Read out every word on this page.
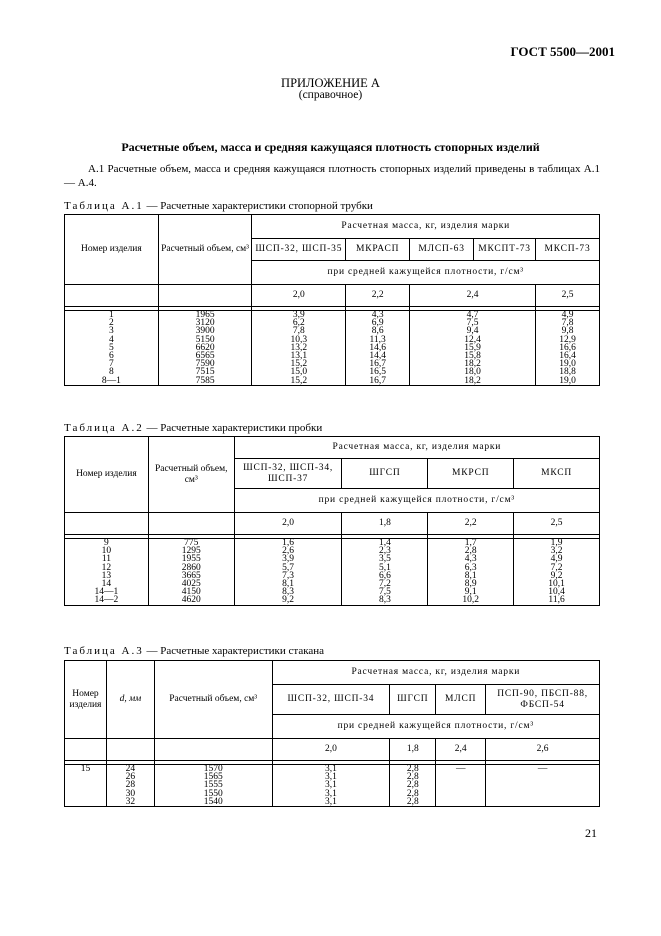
ГОСТ 5500—2001
ПРИЛОЖЕНИЕ А
(справочное)
Расчетные объем, масса и средняя кажущаяся плотность стопорных изделий
А.1 Расчетные объем, масса и средняя кажущаяся плотность стопорных изделий приведены в таблицах А.1 — А.4.
Таблица А.1 — Расчетные характеристики стопорной трубки
Номер изделия	Расчетный объем, см³	Расчетная масса, кг, изделия марки				
		ШСП-32, ШСП-35	МКРАСП	МЛСП-63	МКСПТ-73	МКСП-73
		при средней кажущейся плотности, г/см³				
		2,0	2,2	2,4		2,5

1	1965	3,9	4,3	4,7		4,9
2	3120	6,2	6,9	7,5		7,8
3	3900	7,8	8,6	9,4		9,8
4	5150	10,3	11,3	12,4		12,9
5	6620	13,2	14,6	15,9		16,6
6	6565	13,1	14,4	15,8		16,4
7	7590	15,2	16,7	18,2		19,0
8	7515	15,0	16,5	18,0		18,8
8—1	7585	15,2	16,7	18,2		19,0
Таблица А.2 — Расчетные характеристики пробки
Номер изделия	Расчетный объем, см³	Расчетная масса, кг, изделия марки			
		ШСП-32, ШСП-34, ШСП-37	ШГСП	МКРСП	МКСП
		при средней кажущейся плотности, г/см³			
		2,0	1,8	2,2	2,5

9	775	1,6	1,4	1,7	1,9
10	1295	2,6	2,3	2,8	3,2
11	1955	3,9	3,5	4,3	4,9
12	2860	5,7	5,1	6,3	7,2
13	3665	7,3	6,6	8,1	9,2
14	4025	8,1	7,2	8,9	10,1
14—1	4150	8,3	7,5	9,1	10,4
14—2	4620	9,2	8,3	10,2	11,6
Таблица А.3 — Расчетные характеристики стакана
Номер изделия	d, мм	Расчетный объем, см³	Расчетная масса, кг, изделия марки			
			ШСП-32, ШСП-34	ШГСП	МЛСП	ПСП-90, ПБСП-88, ФБСП-54
			при средней кажущейся плотности, г/см³			
			2,0	1,8	2,4	2,6

15	24	1570	3,1	2,8	—	—
	26	1565	3,1	2,8		
	28	1555	3,1	2,8		
	30	1550	3,1	2,8		
	32	1540	3,1	2,8		
21
